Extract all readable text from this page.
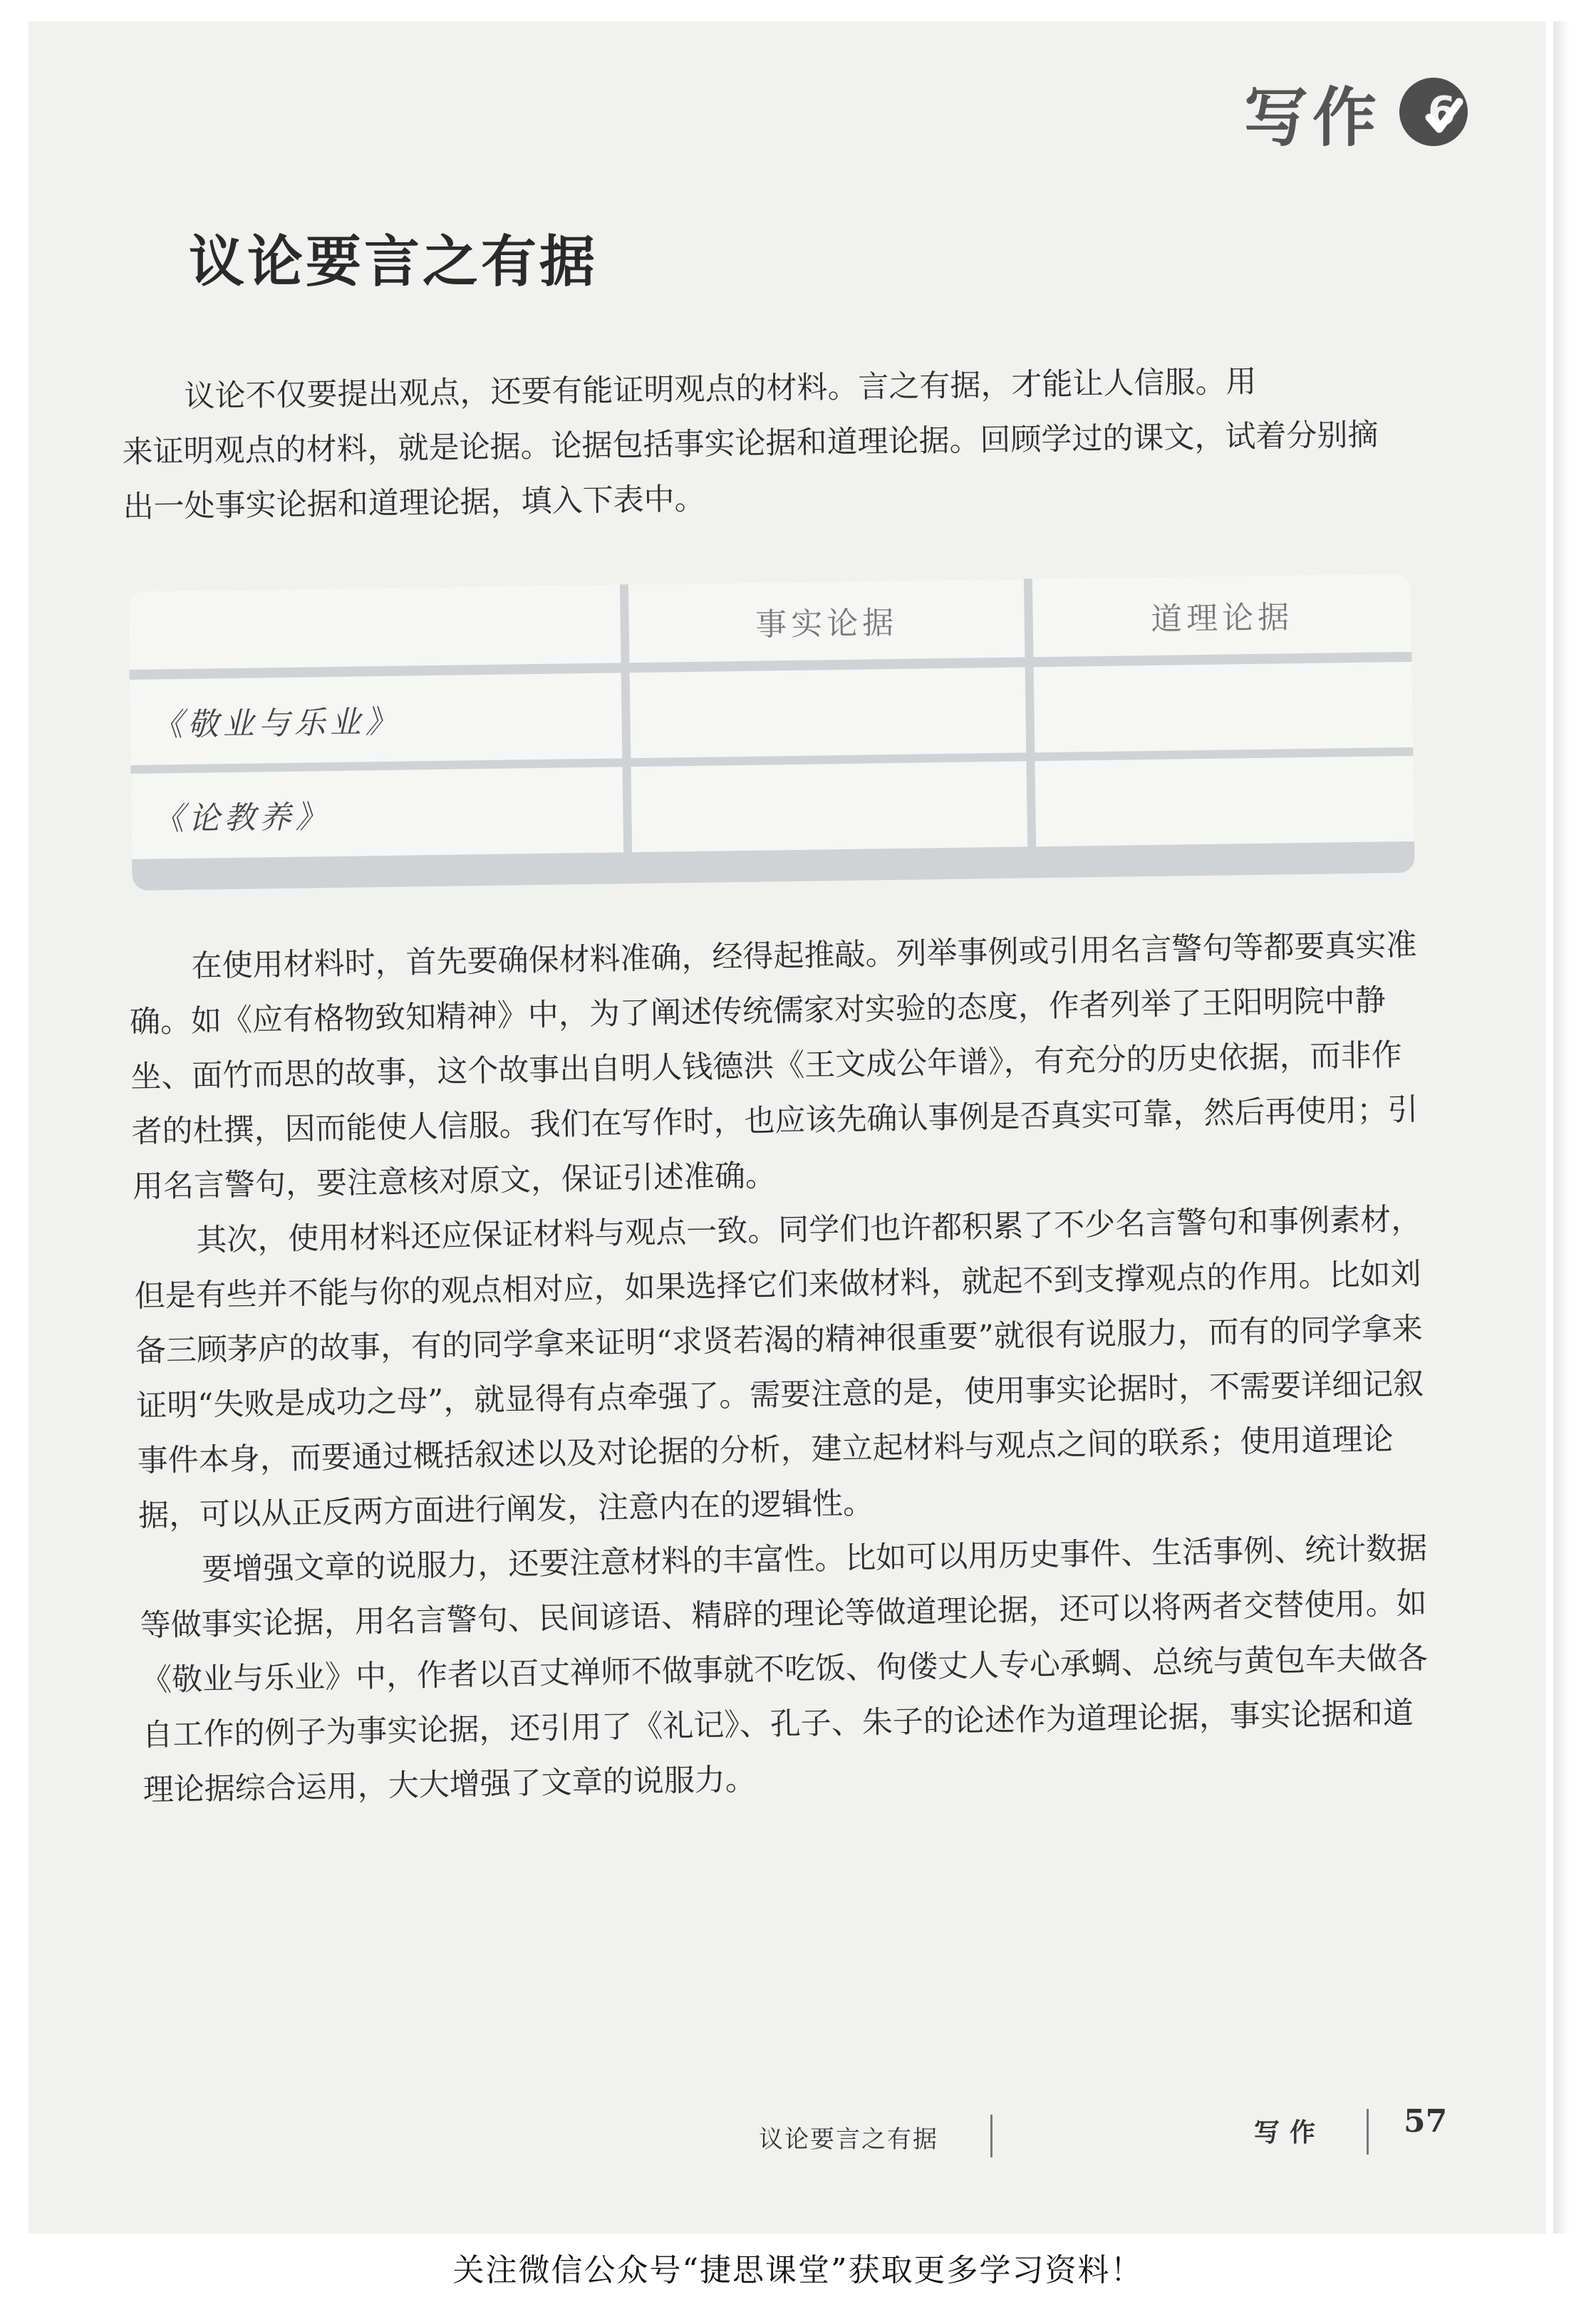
写作 6
议论要言之有据
议论不仅要提出观点，还要有能证明观点的材料。言之有据，才能让人信服。用
来证明观点的材料，就是论据。论据包括事实论据和道理论据。回顾学过的课文，试着分别摘出一处事实论据和道理论据，填入下表中。
事实论据	道理论据
《敬业与乐业》
《论教养》

在使用材料时，首先要确保材料准确，经得起推敲。列举事例或引用名言警句等都要真实准确。如《应有格物致知精神》中，为了阐述传统儒家对实验的态度，作者列举了王阳明院中静坐、面竹而思的故事，这个故事出自明人钱德洪《王文成公年谱》，有充分的历史依据，而非作者的杜撰，因而能使人信服。我们在写作时，也应该先确认事例是否真实可靠，然后再使用；引用名言警句，要注意核对原文，保证引述准确。

其次，使用材料还应保证材料与观点一致。同学们也许都积累了不少名言警句和事例素材，但是有些并不能与你的观点相对应，如果选择它们来做材料，就起不到支撑观点的作用。比如刘备三顾茅庐的故事，有的同学拿来证明“求贤若渴的精神很重要”就很有说服力，而有的同学拿来证明“失败是成功之母”，就显得有点牵强了。需要注意的是，使用事实论据时，不需要详细记叙事件本身，而要通过概括叙述以及对论据的分析，建立起材料与观点之间的联系；使用道理论据，可以从正反两方面进行阐发，注意内在的逻辑性。

要增强文章的说服力，还要注意材料的丰富性。比如可以用历史事件、生活事例、统计数据等做事实论据，用名言警句、民间谚语、精辟的理论等做道理论据，还可以将两者交替使用。如《敬业与乐业》中，作者以百丈禅师不做事就不吃饭、佝偻丈人专心承蜩、总统与黄包车夫做各自工作的例子为事实论据，还引用了《礼记》、孔子、朱子的论述作为道理论据，事实论据和道理论据综合运用，大大增强了文章的说服力。

议论要言之有据	写作 57
关注微信公众号“捷思课堂”获取更多学习资料！
